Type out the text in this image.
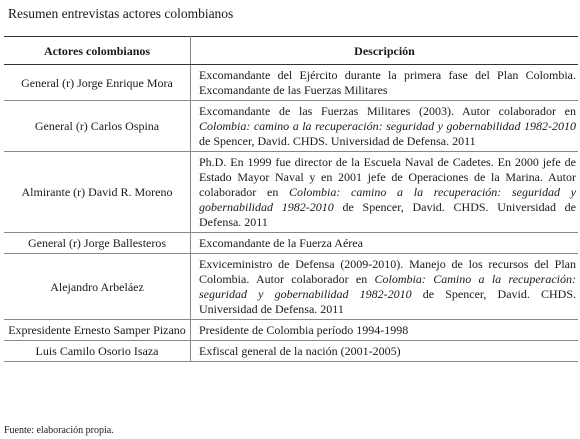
Resumen entrevistas actores colombianos
Actores colombianos	Descripción
General (r) Jorge Enrique Mora	Excomandante del Ejército durante la primera fase del Plan Colombia. Excomandante de las Fuerzas Militares
General (r) Carlos Ospina	Excomandante de las Fuerzas Militares (2003). Autor colaborador en Colombia: camino a la recuperación: seguridad y gobernabilidad 1982-2010 de Spencer, David. CHDS. Universidad de Defensa. 2011
Almirante (r) David R. Moreno	Ph.D. En 1999 fue director de la Escuela Naval de Cadetes. En 2000 jefe de Estado Mayor Naval y en 2001 jefe de Operaciones de la Marina. Autor colaborador en Colombia: camino a la recuperación: seguridad y gobernabilidad 1982-2010 de Spencer, David. CHDS. Universidad de Defensa. 2011
General (r) Jorge Ballesteros	Excomandante de la Fuerza Aérea
Alejandro Arbeláez	Exviceministro de Defensa (2009-2010). Manejo de los recursos del Plan Colombia. Autor colaborador en Colombia: Camino a la recuperación: seguridad y gobernabilidad 1982-2010 de Spencer, David. CHDS. Universidad de Defensa. 2011
Expresidente Ernesto Samper Pizano	Presidente de Colombia período 1994-1998
Luis Camilo Osorio Isaza	Exfiscal general de la nación (2001-2005)
Fuente: elaboración propia.
